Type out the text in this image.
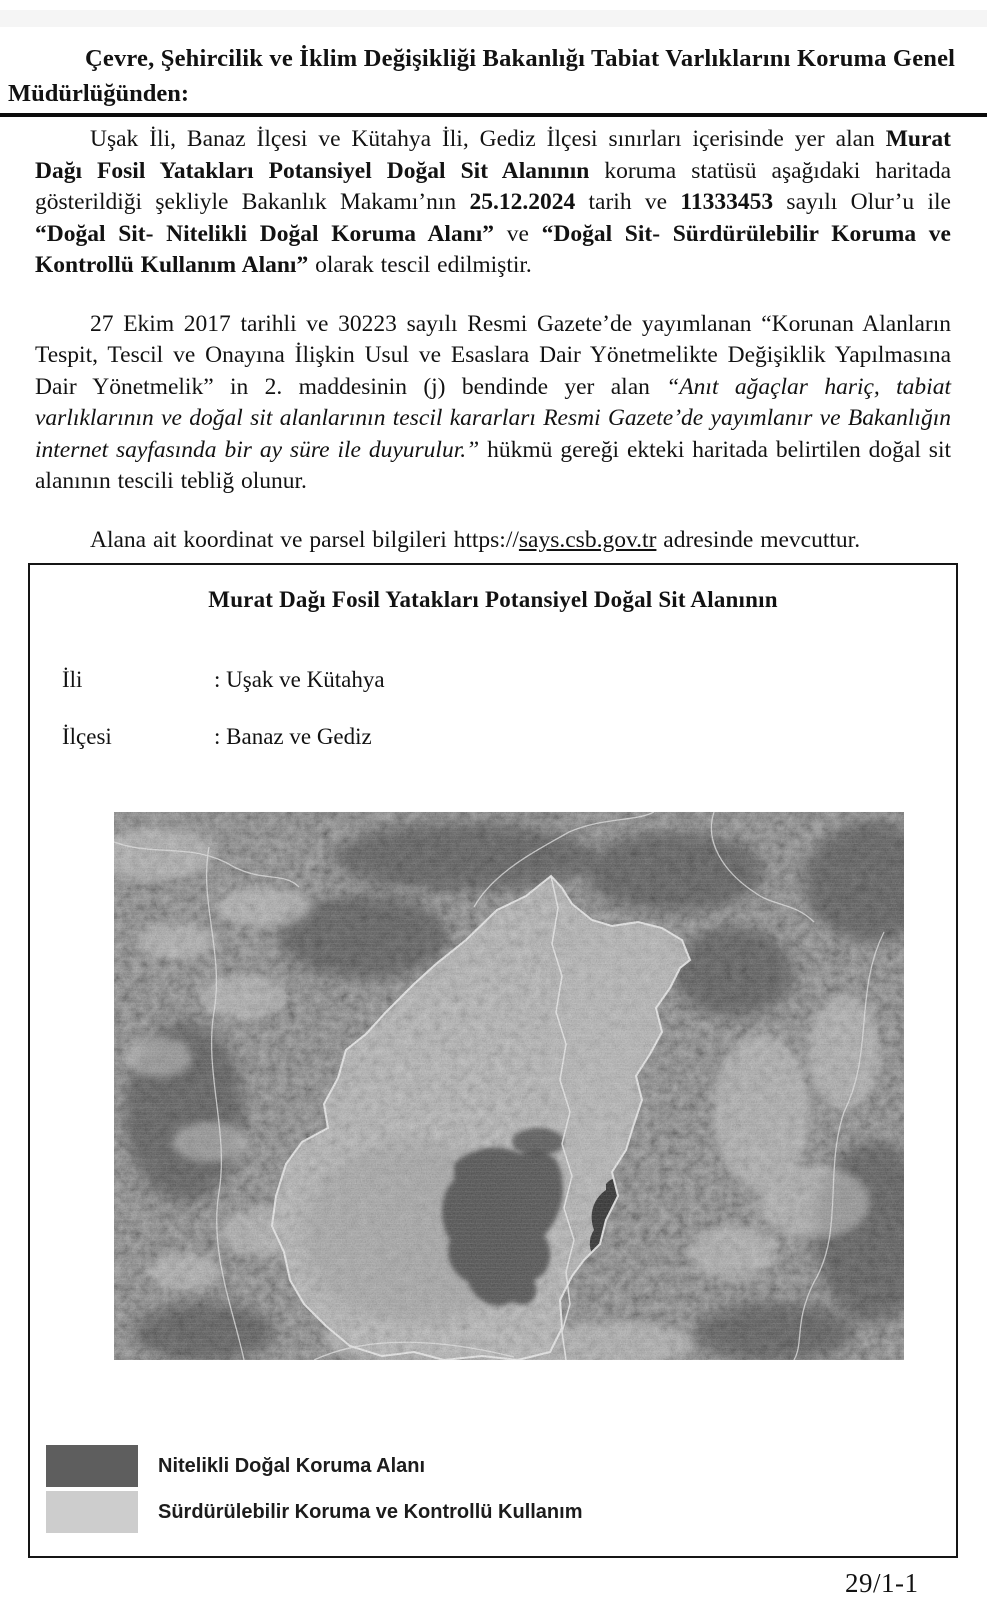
Çevre, Şehircilik ve İklim Değişikliği Bakanlığı Tabiat Varlıklarını Koruma Genel
Müdürlüğünden:

Uşak İli, Banaz İlçesi ve Kütahya İli, Gediz İlçesi sınırları içerisinde yer alan Murat Dağı Fosil Yatakları Potansiyel Doğal Sit Alanının koruma statüsü aşağıdaki haritada gösterildiği şekliyle Bakanlık Makamı’nın 25.12.2024 tarih ve 11333453 sayılı Olur’u ile “Doğal Sit- Nitelikli Doğal Koruma Alanı” ve “Doğal Sit- Sürdürülebilir Koruma ve Kontrollü Kullanım Alanı” olarak tescil edilmiştir.

27 Ekim 2017 tarihli ve 30223 sayılı Resmi Gazete’de yayımlanan “Korunan Alanların Tespit, Tescil ve Onayına İlişkin Usul ve Esaslara Dair Yönetmelikte Değişiklik Yapılmasına Dair Yönetmelik” in 2. maddesinin (j) bendinde yer alan “Anıt ağaçlar hariç, tabiat varlıklarının ve doğal sit alanlarının tescil kararları Resmi Gazete’de yayımlanır ve Bakanlığın internet sayfasında bir ay süre ile duyurulur.” hükmü gereği ekteki haritada belirtilen doğal sit alanının tescili tebliğ olunur.

Alana ait koordinat ve parsel bilgileri https://says.csb.gov.tr adresinde mevcuttur.

Murat Dağı Fosil Yatakları Potansiyel Doğal Sit Alanının
İli	: Uşak ve Kütahya
İlçesi	: Banaz ve Gediz
Nitelikli Doğal Koruma Alanı
Sürdürülebilir Koruma ve Kontrollü Kullanım
29/1-1
